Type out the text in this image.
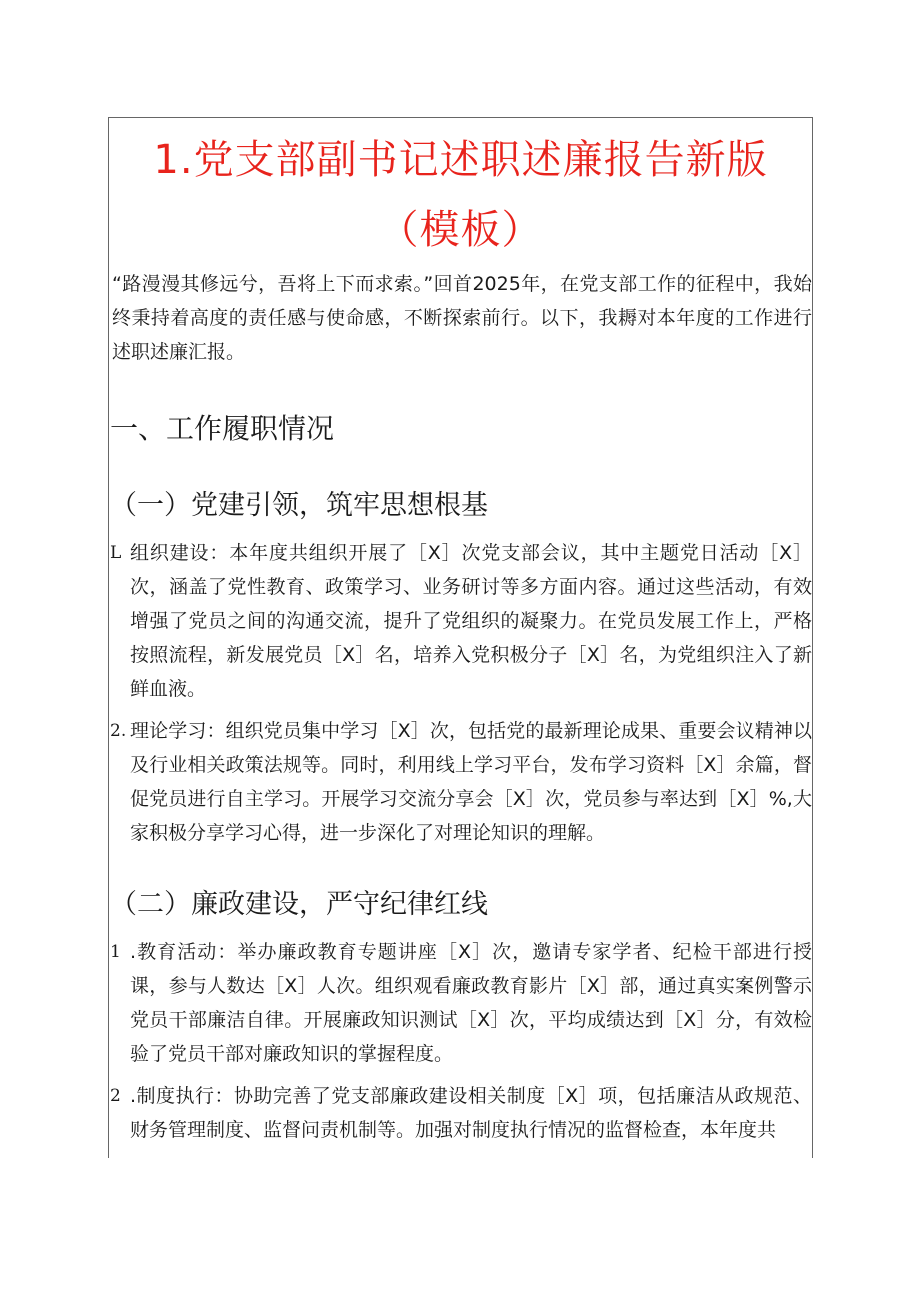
1.党支部副书记述职述廉报告新版
（模板）
“路漫漫其修远兮，吾将上下而求索。”回首2025年，在党支部工作的征程中，我始终秉持着高度的责任感与使命感，不断探索前行。以下，我耨对本年度的工作进行述职述廉汇报。
一、工作履职情况
（一）党建引领，筑牢思想根基
L 组织建设：本年度共组织开展了［X］次党支部会议，其中主题党日活动［X］次，涵盖了党性教育、政策学习、业务研讨等多方面内容。通过这些活动，有效增强了党员之间的沟通交流，提升了党组织的凝聚力。在党员发展工作上，严格按照流程，新发展党员［X］名，培养入党积极分子［X］名，为党组织注入了新鲜血液。
2. 理论学习：组织党员集中学习［X］次，包括党的最新理论成果、重要会议精神以及行业相关政策法规等。同时，利用线上学习平台，发布学习资料［X］余篇，督促党员进行自主学习。开展学习交流分享会［X］次，党员参与率达到［X］%,大家积极分享学习心得，进一步深化了对理论知识的理解。
（二）廉政建设，严守纪律红线
1 .教育活动：举办廉政教育专题讲座［X］次，邀请专家学者、纪检干部进行授课，参与人数达［X］人次。组织观看廉政教育影片［X］部，通过真实案例警示党员干部廉洁自律。开展廉政知识测试［X］次，平均成绩达到［X］分，有效检验了党员干部对廉政知识的掌握程度。
2 .制度执行：协助完善了党支部廉政建设相关制度［X］项，包括廉洁从政规范、财务管理制度、监督问责机制等。加强对制度执行情况的监督检查，本年度共
